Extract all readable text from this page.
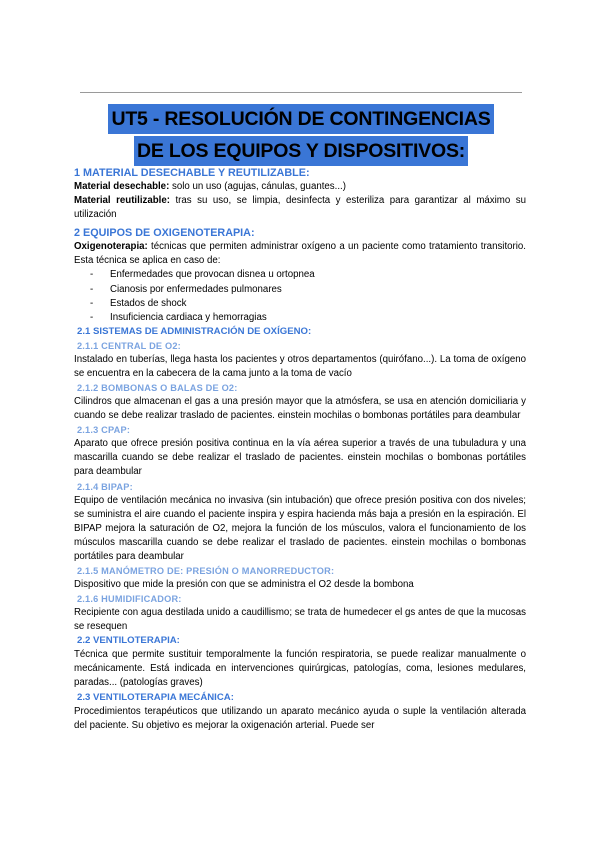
UT5 - RESOLUCIÓN DE CONTINGENCIAS
DE LOS EQUIPOS Y DISPOSITIVOS:

1 MATERIAL DESECHABLE Y REUTILIZABLE:

Material desechable: solo un uso (agujas, cánulas, guantes...)

Material reutilizable: tras su uso, se limpia, desinfecta y esteriliza para garantizar al máximo su utilización

2 EQUIPOS DE OXIGENOTERAPIA:

Oxigenoterapia: técnicas que permiten administrar oxígeno a un paciente como tratamiento transitorio. Esta técnica se aplica en caso de:

- Enfermedades que provocan disnea u ortopnea
- Cianosis por enfermedades pulmonares
- Estados de shock
- Insuficiencia cardiaca y hemorragias

2.1 SISTEMAS DE ADMINISTRACIÓN DE OXÍGENO:

2.1.1 CENTRAL DE O2:

Instalado en tuberías, llega hasta los pacientes y otros departamentos (quirófano...). La toma de oxígeno se encuentra en la cabecera de la cama junto a la toma de vacío

2.1.2 BOMBONAS O BALAS DE O2:

Cilindros que almacenan el gas a una presión mayor que la atmósfera, se usa en atención domiciliaria y cuando se debe realizar traslado de pacientes. einstein mochilas o bombonas portátiles para deambular

2.1.3 CPAP:

Aparato que ofrece presión positiva continua en la vía aérea superior a través de una tubuladura y una mascarilla cuando se debe realizar el traslado de pacientes. einstein mochilas o bombonas portátiles para deambular

2.1.4 BIPAP:

Equipo de ventilación mecánica no invasiva (sin intubación) que ofrece presión positiva con dos niveles; se suministra el aire cuando el paciente inspira y espira hacienda más baja a presión en la espiración. El BIPAP mejora la saturación de O2, mejora la función de los músculos, valora el funcionamiento de los músculos mascarilla cuando se debe realizar el traslado de pacientes. einstein mochilas o bombonas portátiles para deambular

2.1.5 MANÓMETRO DE: PRESIÓN O MANORREDUCTOR:

Dispositivo que mide la presión con que se administra el O2 desde la bombona

2.1.6 HUMIDIFICADOR:

Recipiente con agua destilada unido a caudillismo; se trata de humedecer el gs antes de que la mucosas se resequen

2.2 VENTILOTERAPIA:

Técnica que permite sustituir temporalmente la función respiratoria, se puede realizar manualmente o mecánicamente. Está indicada en intervenciones quirúrgicas, patologías, coma, lesiones medulares, paradas... (patologías graves)

2.3 VENTILOTERAPIA MECÁNICA:

Procedimientos terapéuticos que utilizando un aparato mecánico ayuda o suple la ventilación alterada del paciente. Su objetivo es mejorar la oxigenación arterial. Puede ser
